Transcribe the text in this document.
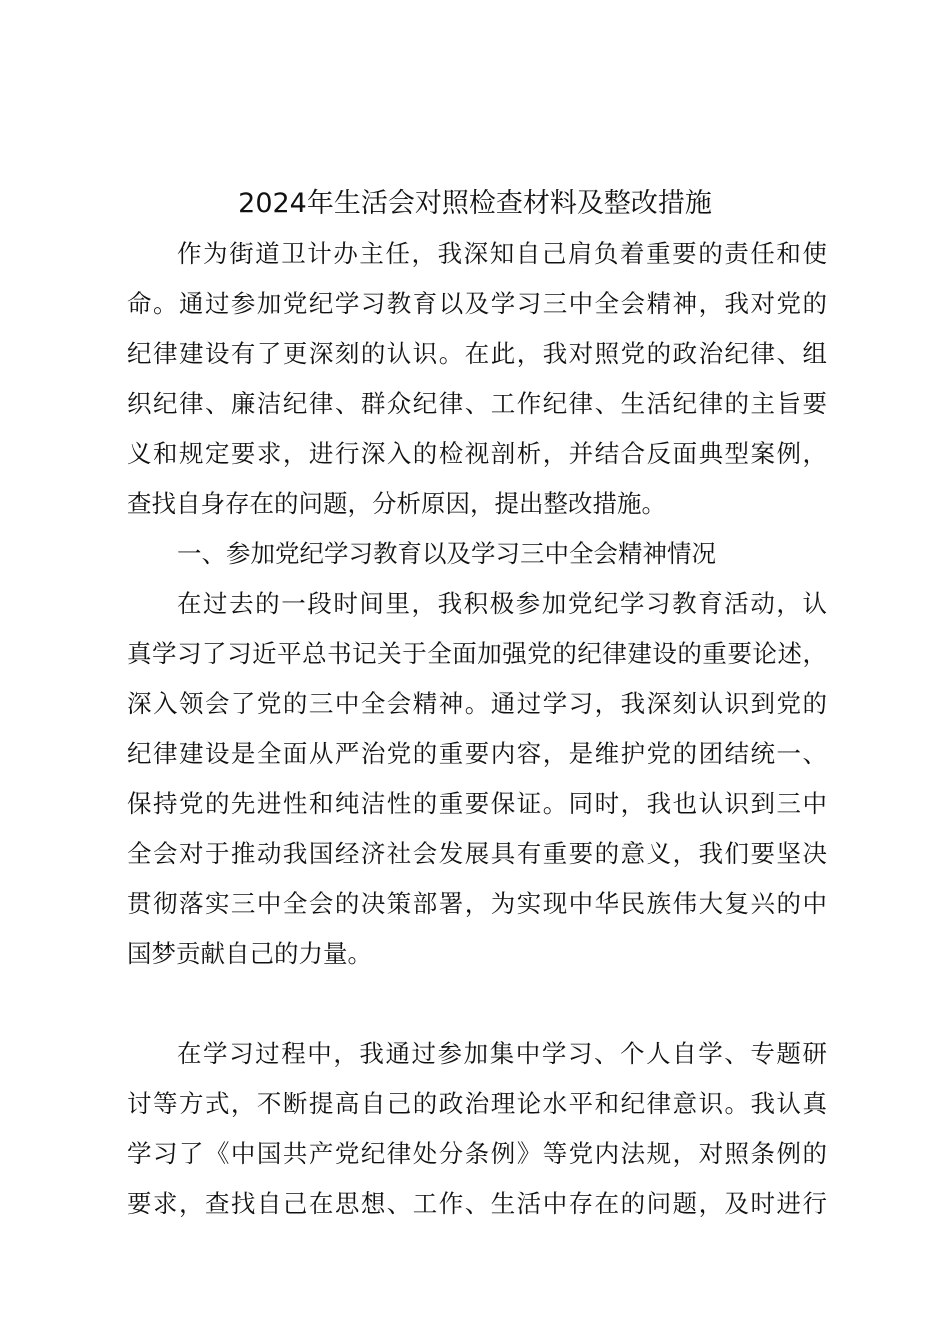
2024年生活会对照检查材料及整改措施
作为街道卫计办主任，我深知自己肩负着重要的责任和使
命。通过参加党纪学习教育以及学习三中全会精神，我对党的
纪律建设有了更深刻的认识。在此，我对照党的政治纪律、组
织纪律、廉洁纪律、群众纪律、工作纪律、生活纪律的主旨要
义和规定要求，进行深入的检视剖析，并结合反面典型案例，
查找自身存在的问题，分析原因，提出整改措施。
一、参加党纪学习教育以及学习三中全会精神情况
在过去的一段时间里，我积极参加党纪学习教育活动，认
真学习了习近平总书记关于全面加强党的纪律建设的重要论述，
深入领会了党的三中全会精神。通过学习，我深刻认识到党的
纪律建设是全面从严治党的重要内容，是维护党的团结统一、
保持党的先进性和纯洁性的重要保证。同时，我也认识到三中
全会对于推动我国经济社会发展具有重要的意义，我们要坚决
贯彻落实三中全会的决策部署，为实现中华民族伟大复兴的中
国梦贡献自己的力量。
在学习过程中，我通过参加集中学习、个人自学、专题研
讨等方式，不断提高自己的政治理论水平和纪律意识。我认真
学习了《中国共产党纪律处分条例》等党内法规，对照条例的
要求，查找自己在思想、工作、生活中存在的问题，及时进行
